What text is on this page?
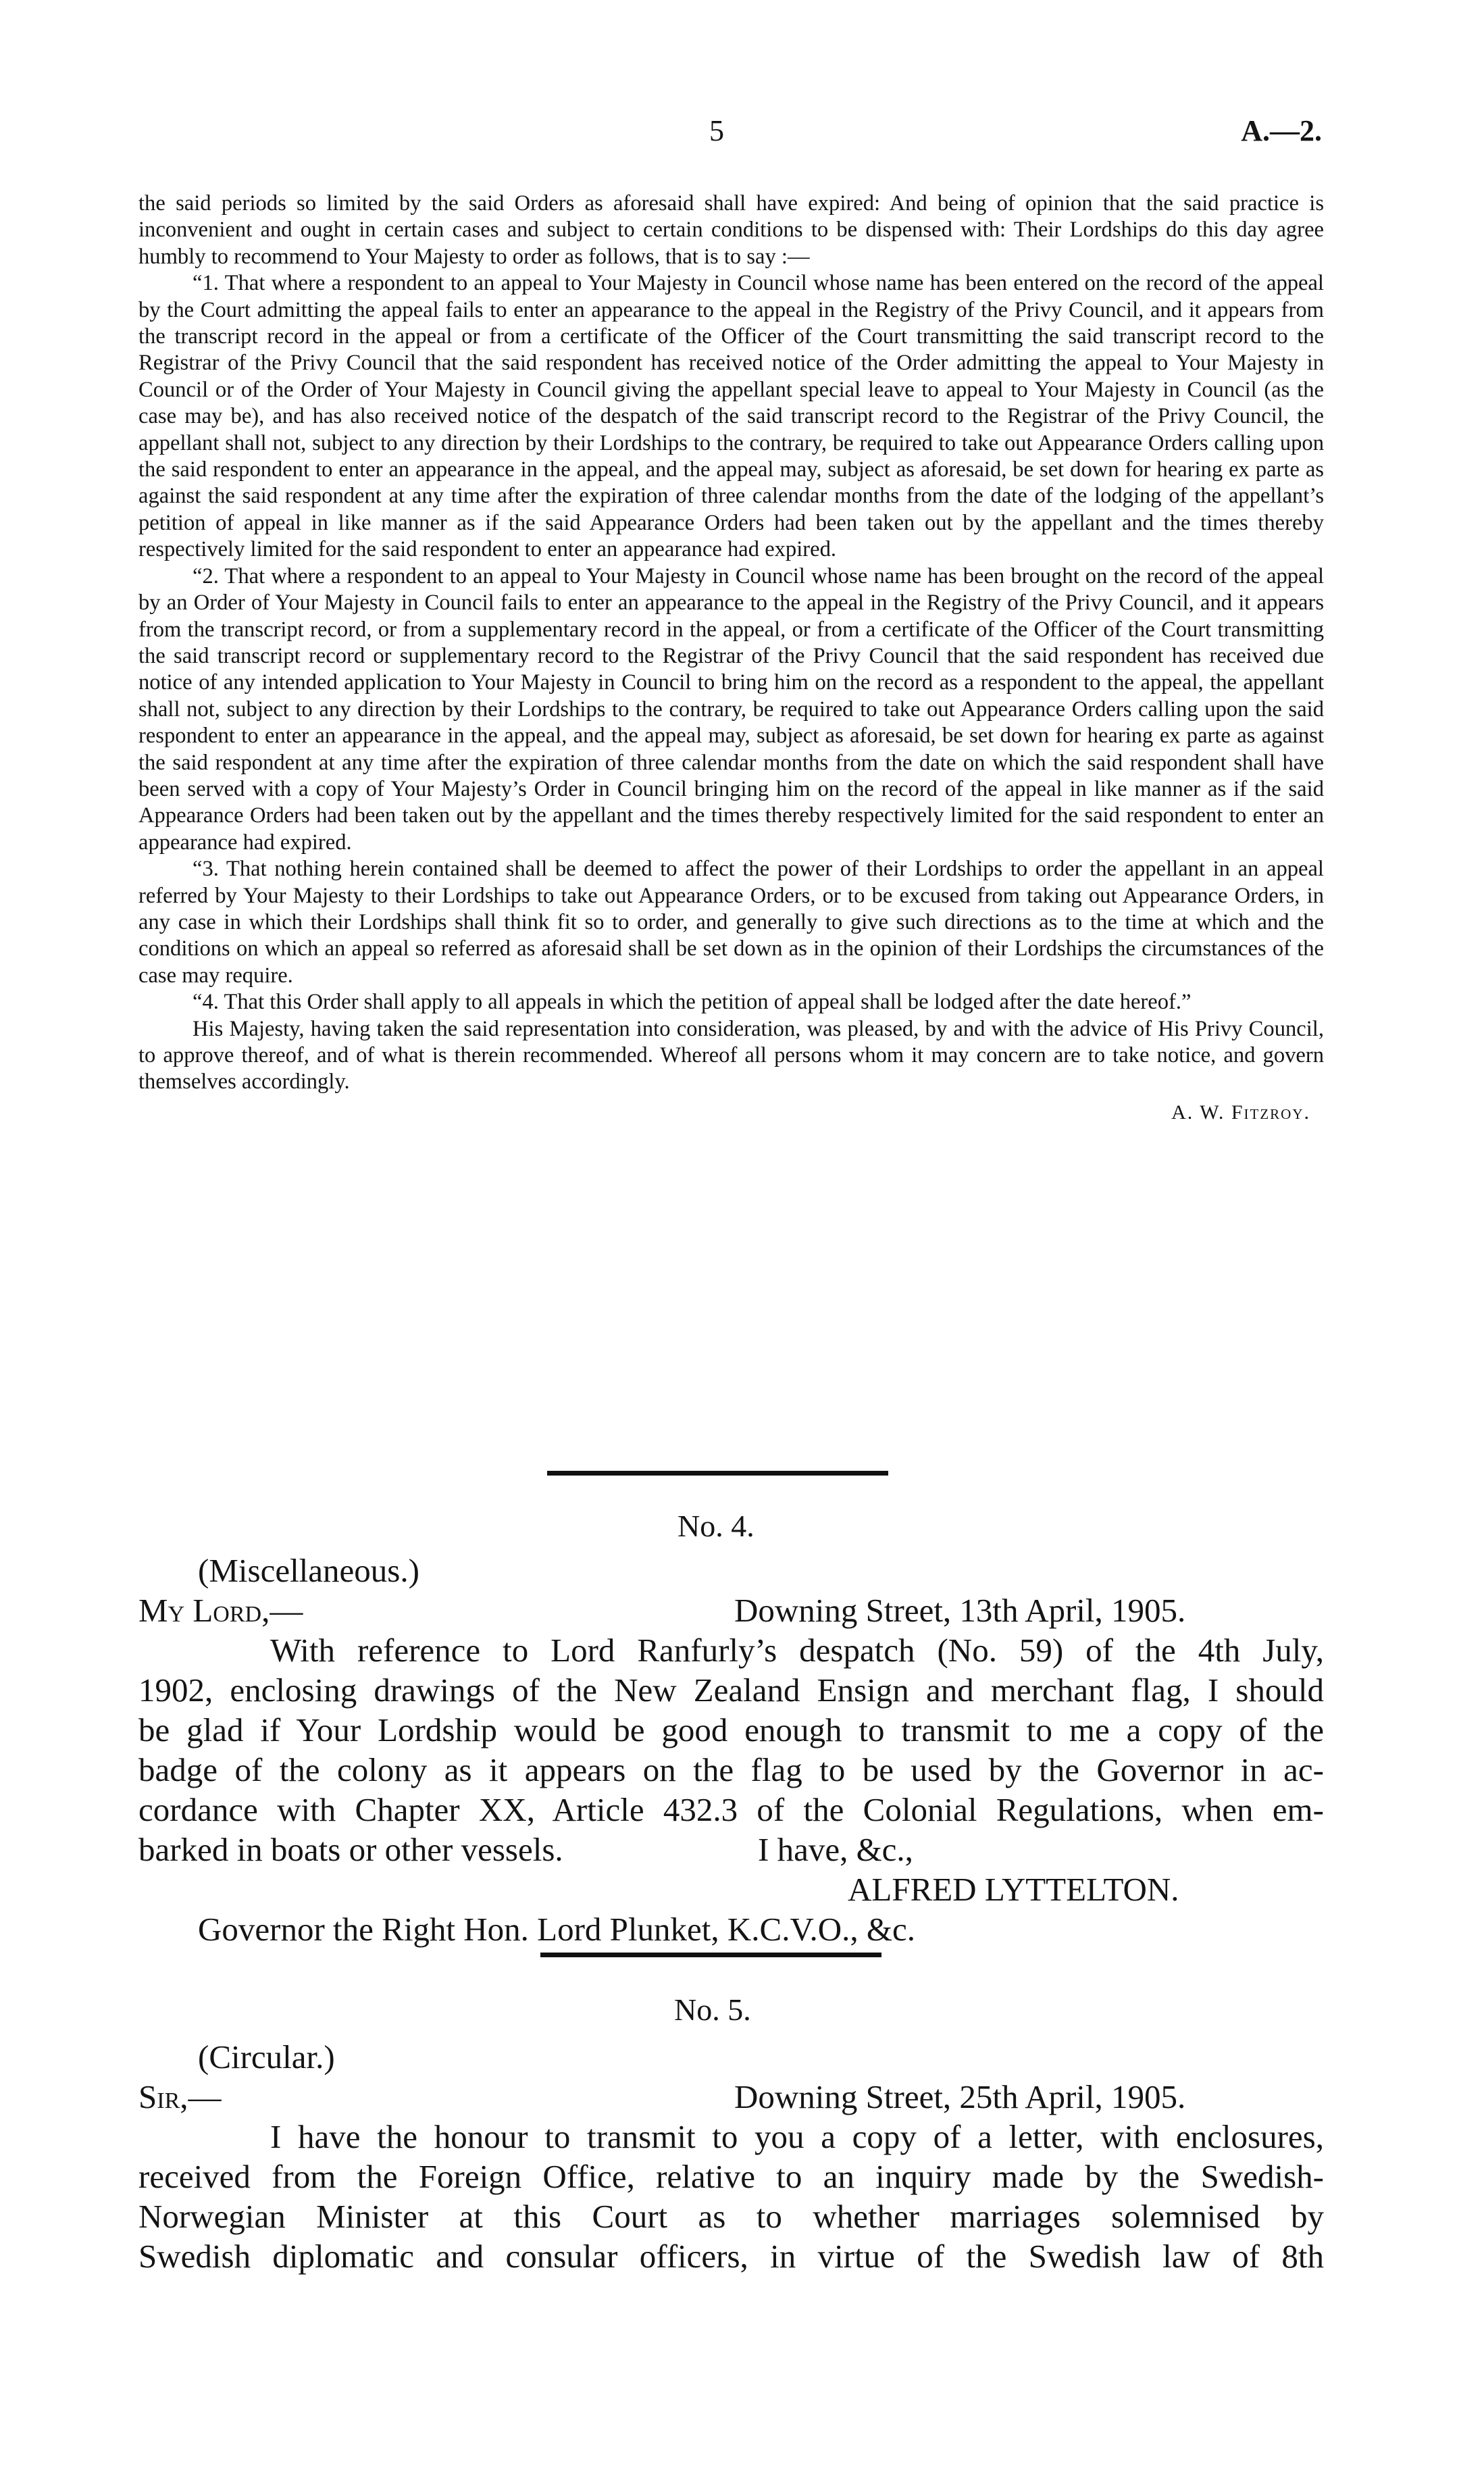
5	A.—2.

the said periods so limited by the said Orders as aforesaid shall have expired: And being of opinion that the said practice is inconvenient and ought in certain cases and subject to certain conditions to be dispensed with: Their Lordships do this day agree humbly to recommend to Your Majesty to order as follows, that is to say :—

“1. That where a respondent to an appeal to Your Majesty in Council whose name has been entered on the record of the appeal by the Court admitting the appeal fails to enter an appearance to the appeal in the Registry of the Privy Council, and it appears from the transcript record in the appeal or from a certificate of the Officer of the Court transmitting the said transcript record to the Registrar of the Privy Council that the said respondent has received notice of the Order admitting the appeal to Your Majesty in Council or of the Order of Your Majesty in Council giving the appellant special leave to appeal to Your Majesty in Council (as the case may be), and has also received notice of the despatch of the said transcript record to the Registrar of the Privy Council, the appellant shall not, subject to any direction by their Lordships to the contrary, be required to take out Appearance Orders calling upon the said respondent to enter an appearance in the appeal, and the appeal may, subject as aforesaid, be set down for hearing ex parte as against the said respondent at any time after the expiration of three calendar months from the date of the lodging of the appellant’s petition of appeal in like manner as if the said Appearance Orders had been taken out by the appellant and the times thereby respectively limited for the said respondent to enter an appearance had expired.

“2. That where a respondent to an appeal to Your Majesty in Council whose name has been brought on the record of the appeal by an Order of Your Majesty in Council fails to enter an appearance to the appeal in the Registry of the Privy Council, and it appears from the transcript record, or from a supplementary record in the appeal, or from a certificate of the Officer of the Court transmitting the said transcript record or supplementary record to the Registrar of the Privy Council that the said respondent has received due notice of any intended application to Your Majesty in Council to bring him on the record as a respondent to the appeal, the appellant shall not, subject to any direction by their Lordships to the contrary, be required to take out Appearance Orders calling upon the said respondent to enter an appearance in the appeal, and the appeal may, subject as aforesaid, be set down for hearing ex parte as against the said respondent at any time after the expiration of three calendar months from the date on which the said respondent shall have been served with a copy of Your Majesty’s Order in Council bringing him on the record of the appeal in like manner as if the said Appearance Orders had been taken out by the appellant and the times thereby respectively limited for the said respondent to enter an appearance had expired.

“3. That nothing herein contained shall be deemed to affect the power of their Lordships to order the appellant in an appeal referred by Your Majesty to their Lordships to take out Appearance Orders, or to be excused from taking out Appearance Orders, in any case in which their Lordships shall think fit so to order, and generally to give such directions as to the time at which and the conditions on which an appeal so referred as aforesaid shall be set down as in the opinion of their Lordships the circumstances of the case may require.

“4. That this Order shall apply to all appeals in which the petition of appeal shall be lodged after the date hereof.”

His Majesty, having taken the said representation into consideration, was pleased, by and with the advice of His Privy Council, to approve thereof, and of what is therein recommended. Whereof all persons whom it may concern are to take notice, and govern themselves accordingly.

A. W. Fitzroy.
No. 4.
(Miscellaneous.)
My Lord,—	Downing Street, 13th April, 1905.
With reference to Lord Ranfurly’s despatch (No. 59) of the 4th July,
1902, enclosing drawings of the New Zealand Ensign and merchant flag, I should
be glad if Your Lordship would be good enough to transmit to me a copy of the
badge of the colony as it appears on the flag to be used by the Governor in ac-
cordance with Chapter XX, Article 432.3 of the Colonial Regulations, when em-
barked in boats or other vessels.	I have, &c.,
ALFRED LYTTELTON.
Governor the Right Hon. Lord Plunket, K.C.V.O., &c.
No. 5.
(Circular.)
Sir,—	Downing Street, 25th April, 1905.
I have the honour to transmit to you a copy of a letter, with enclosures,
received from the Foreign Office, relative to an inquiry made by the Swedish-
Norwegian Minister at this Court as to whether marriages solemnised by
Swedish diplomatic and consular officers, in virtue of the Swedish law of 8th
